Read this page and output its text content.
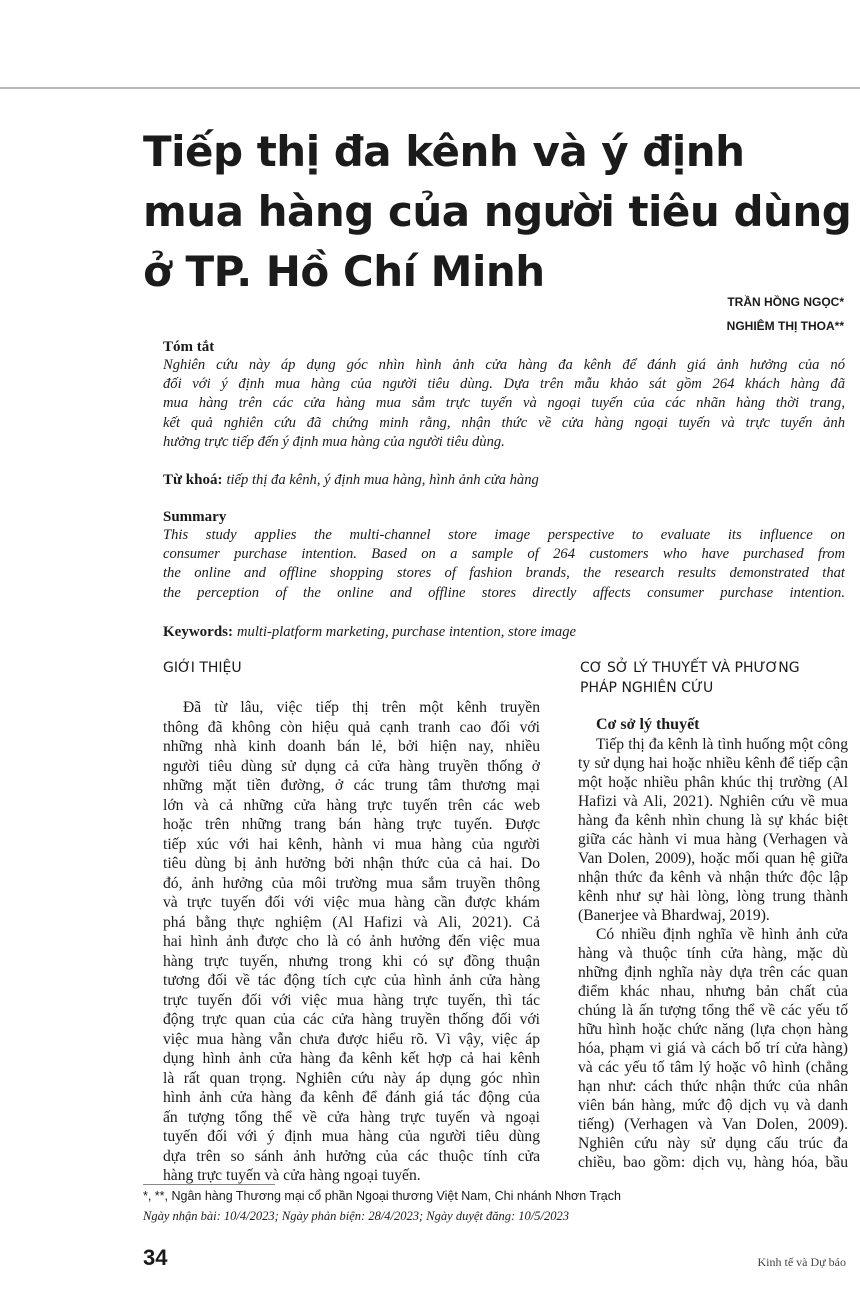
Tiếp thị đa kênh và ý định
mua hàng của người tiêu dùng
ở TP. Hồ Chí Minh
TRẦN HỒNG NGỌC*
NGHIÊM THỊ THOA**
Tóm tắt
Nghiên cứu này áp dụng góc nhìn hình ảnh cửa hàng đa kênh để đánh giá ảnh hưởng của nó
đối với ý định mua hàng của người tiêu dùng. Dựa trên mẫu khảo sát gồm 264 khách hàng đã
mua hàng trên các cửa hàng mua sắm trực tuyến và ngoại tuyến của các nhãn hàng thời trang,
kết quả nghiên cứu đã chứng minh rằng, nhận thức về cửa hàng ngoại tuyến và trực tuyến ảnh
hưởng trực tiếp đến ý định mua hàng của người tiêu dùng.
Từ khoá: tiếp thị đa kênh, ý định mua hàng, hình ảnh cửa hàng
Summary
This study applies the multi-channel store image perspective to evaluate its influence on
consumer purchase intention. Based on a sample of 264 customers who have purchased from
the online and offline shopping stores of fashion brands, the research results demonstrated that
the perception of the online and offline stores directly affects consumer purchase intention.
Keywords: multi-platform marketing, purchase intention, store image
GIỚI THIỆU
Đã từ lâu, việc tiếp thị trên một kênh truyền
thông đã không còn hiệu quả cạnh tranh cao đối với
những nhà kinh doanh bán lẻ, bởi hiện nay, nhiều
người tiêu dùng sử dụng cả cửa hàng truyền thống ở
những mặt tiền đường, ở các trung tâm thương mại
lớn và cả những cửa hàng trực tuyến trên các web
hoặc trên những trang bán hàng trực tuyến. Được
tiếp xúc với hai kênh, hành vi mua hàng của người
tiêu dùng bị ảnh hưởng bởi nhận thức của cả hai. Do
đó, ảnh hưởng của môi trường mua sắm truyền thông
và trực tuyến đối với việc mua hàng cần được khám
phá bằng thực nghiệm (Al Hafizi và Ali, 2021). Cả
hai hình ảnh được cho là có ảnh hưởng đến việc mua
hàng trực tuyến, nhưng trong khi có sự đồng thuận
tương đối về tác động tích cực của hình ảnh cửa hàng
trực tuyến đối với việc mua hàng trực tuyến, thì tác
động trực quan của các cửa hàng truyền thống đối với
việc mua hàng vẫn chưa được hiểu rõ. Vì vậy, việc áp
dụng hình ảnh cửa hàng đa kênh kết hợp cả hai kênh
là rất quan trọng. Nghiên cứu này áp dụng góc nhìn
hình ảnh cửa hàng đa kênh để đánh giá tác động của
ấn tượng tổng thể về cửa hàng trực tuyến và ngoại
tuyến đối với ý định mua hàng của người tiêu dùng
dựa trên so sánh ảnh hưởng của các thuộc tính cửa
hàng trực tuyến và cửa hàng ngoại tuyến.
CƠ SỞ LÝ THUYẾT VÀ PHƯƠNG
PHÁP NGHIÊN CỨU
Cơ sở lý thuyết
Tiếp thị đa kênh là tình huống một công
ty sử dụng hai hoặc nhiều kênh để tiếp cận
một hoặc nhiều phân khúc thị trường (Al
Hafizi và Ali, 2021). Nghiên cứu về mua
hàng đa kênh nhìn chung là sự khác biệt
giữa các hành vi mua hàng (Verhagen và
Van Dolen, 2009), hoặc mối quan hệ giữa
nhận thức đa kênh và nhận thức độc lập
kênh như sự hài lòng, lòng trung thành
(Banerjee và Bhardwaj, 2019).
Có nhiều định nghĩa về hình ảnh cửa
hàng và thuộc tính cửa hàng, mặc dù
những định nghĩa này dựa trên các quan
điểm khác nhau, nhưng bản chất của
chúng là ấn tượng tổng thể về các yếu tố
hữu hình hoặc chức năng (lựa chọn hàng
hóa, phạm vi giá và cách bố trí cửa hàng)
và các yếu tố tâm lý hoặc vô hình (chẳng
hạn như: cách thức nhận thức của nhân
viên bán hàng, mức độ dịch vụ và danh
tiếng) (Verhagen và Van Dolen, 2009).
Nghiên cứu này sử dụng cấu trúc đa
chiều, bao gồm: dịch vụ, hàng hóa, bầu
*, **, Ngân hàng Thương mại cổ phần Ngoại thương Việt Nam, Chi nhánh Nhơn Trạch
Ngày nhận bài: 10/4/2023; Ngày phản biện: 28/4/2023; Ngày duyệt đăng: 10/5/2023
34	Kinh tế và Dự báo
